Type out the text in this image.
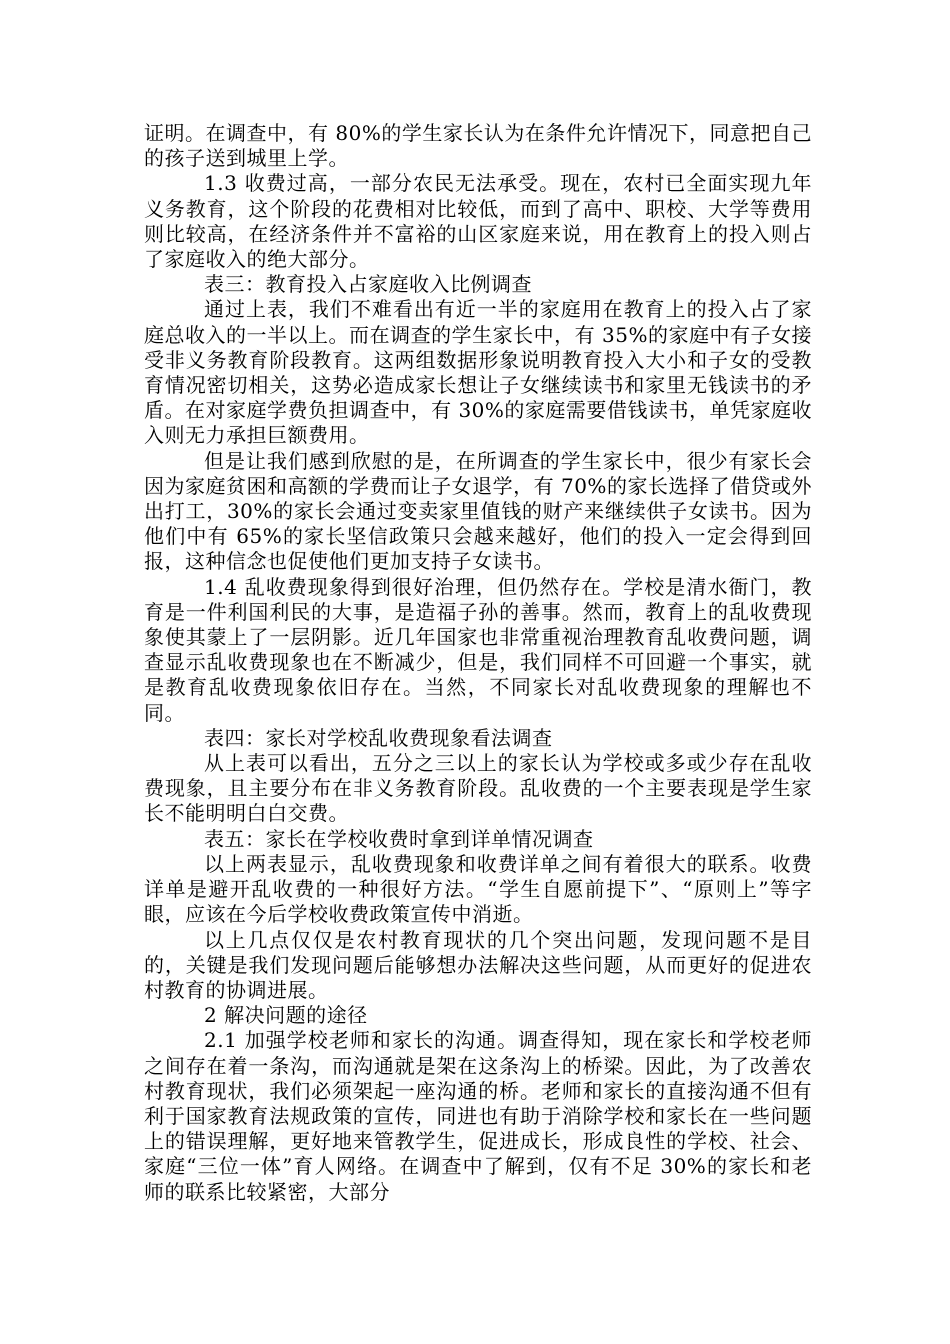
证明。在调查中，有 80%的学生家长认为在条件允许情况下，同意把自己的孩子送到城里上学。

1.3 收费过高，一部分农民无法承受。现在，农村已全面实现九年义务教育，这个阶段的花费相对比较低，而到了高中、职校、大学等费用则比较高，在经济条件并不富裕的山区家庭来说，用在教育上的投入则占了家庭收入的绝大部分。

表三：教育投入占家庭收入比例调查

通过上表，我们不难看出有近一半的家庭用在教育上的投入占了家庭总收入的一半以上。而在调查的学生家长中，有 35%的家庭中有子女接受非义务教育阶段教育。这两组数据形象说明教育投入大小和子女的受教育情况密切相关，这势必造成家长想让子女继续读书和家里无钱读书的矛盾。在对家庭学费负担调查中，有 30%的家庭需要借钱读书，单凭家庭收入则无力承担巨额费用。

但是让我们感到欣慰的是，在所调查的学生家长中，很少有家长会因为家庭贫困和高额的学费而让子女退学，有 70%的家长选择了借贷或外出打工，30%的家长会通过变卖家里值钱的财产来继续供子女读书。因为他们中有 65%的家长坚信政策只会越来越好，他们的投入一定会得到回报，这种信念也促使他们更加支持子女读书。

1.4 乱收费现象得到很好治理，但仍然存在。学校是清水衙门，教育是一件利国利民的大事，是造福子孙的善事。然而，教育上的乱收费现象使其蒙上了一层阴影。近几年国家也非常重视治理教育乱收费问题，调查显示乱收费现象也在不断减少，但是，我们同样不可回避一个事实，就是教育乱收费现象依旧存在。当然，不同家长对乱收费现象的理解也不同。

表四：家长对学校乱收费现象看法调查

从上表可以看出，五分之三以上的家长认为学校或多或少存在乱收费现象，且主要分布在非义务教育阶段。乱收费的一个主要表现是学生家长不能明明白白交费。

表五：家长在学校收费时拿到详单情况调查

以上两表显示，乱收费现象和收费详单之间有着很大的联系。收费详单是避开乱收费的一种很好方法。“学生自愿前提下”、“原则上”等字眼，应该在今后学校收费政策宣传中消逝。

以上几点仅仅是农村教育现状的几个突出问题，发现问题不是目的，关键是我们发现问题后能够想办法解决这些问题，从而更好的促进农村教育的协调进展。

2 解决问题的途径

2.1 加强学校老师和家长的沟通。调查得知，现在家长和学校老师之间存在着一条沟，而沟通就是架在这条沟上的桥梁。因此，为了改善农村教育现状，我们必须架起一座沟通的桥。老师和家长的直接沟通不但有利于国家教育法规政策的宣传，同进也有助于消除学校和家长在一些问题上的错误理解，更好地来管教学生，促进成长，形成良性的学校、社会、家庭“三位一体”育人网络。在调查中了解到，仅有不足 30%的家长和老师的联系比较紧密，大部分
